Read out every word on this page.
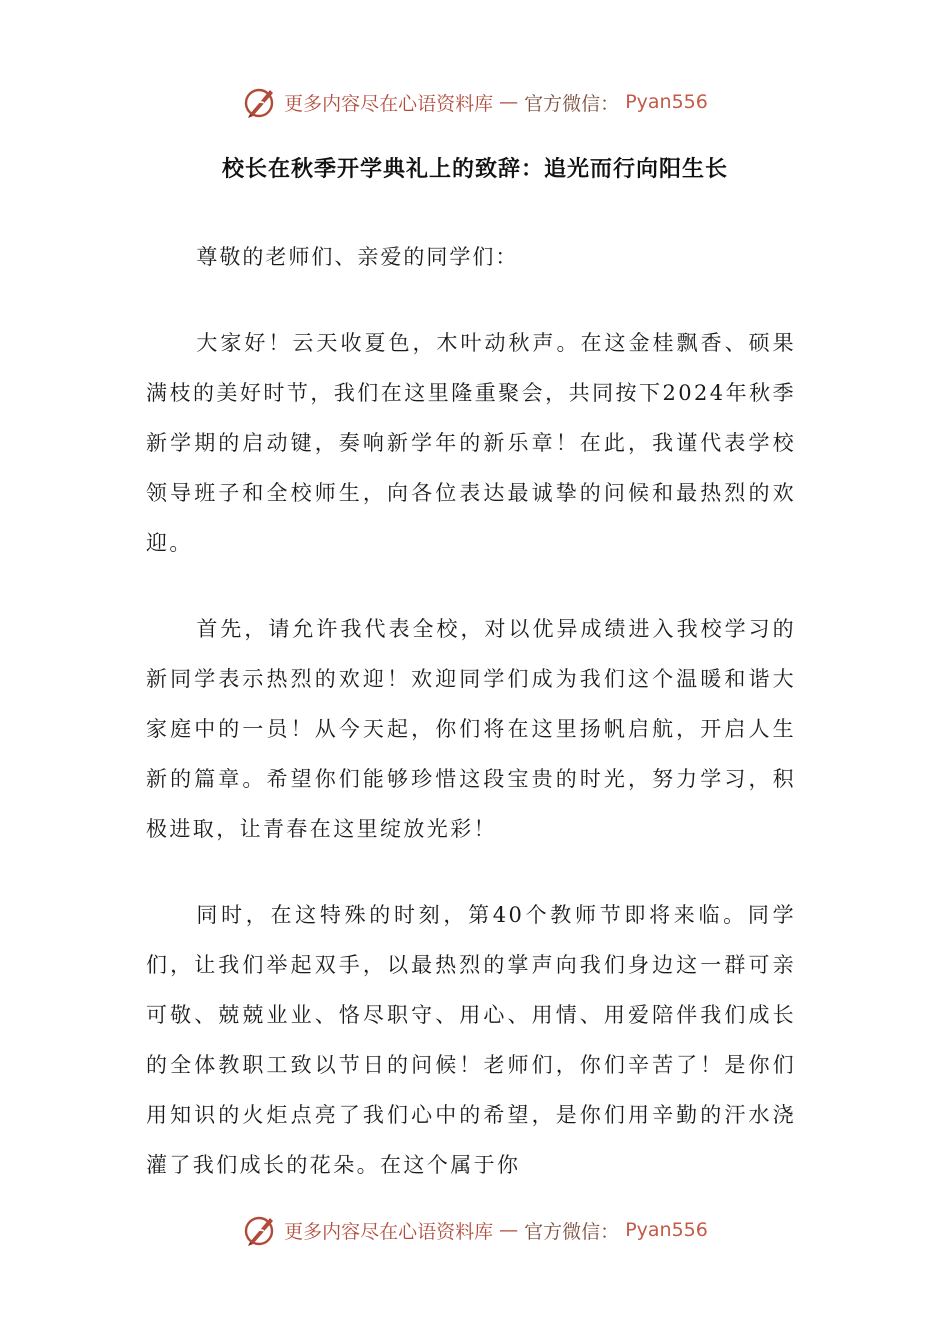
更多内容尽在心语资料库 — 官方微信： Pyan556
校长在秋季开学典礼上的致辞：追光而行向阳生长

尊敬的老师们、亲爱的同学们：

大家好！云天收夏色，木叶动秋声。在这金桂飘香、硕果满枝的美好时节，我们在这里隆重聚会，共同按下2024年秋季新学期的启动键，奏响新学年的新乐章！在此，我谨代表学校领导班子和全校师生，向各位表达最诚挚的问候和最热烈的欢迎。

首先，请允许我代表全校，对以优异成绩进入我校学习的新同学表示热烈的欢迎！欢迎同学们成为我们这个温暖和谐大家庭中的一员！从今天起，你们将在这里扬帆启航，开启人生新的篇章。希望你们能够珍惜这段宝贵的时光，努力学习，积极进取，让青春在这里绽放光彩！

同时，在这特殊的时刻，第40个教师节即将来临。同学们，让我们举起双手，以最热烈的掌声向我们身边这一群可亲可敬、兢兢业业、恪尽职守、用心、用情、用爱陪伴我们成长的全体教职工致以节日的问候！老师们，你们辛苦了！是你们用知识的火炬点亮了我们心中的希望，是你们用辛勤的汗水浇灌了我们成长的花朵。在这个属于你

更多内容尽在心语资料库 — 官方微信： Pyan556
